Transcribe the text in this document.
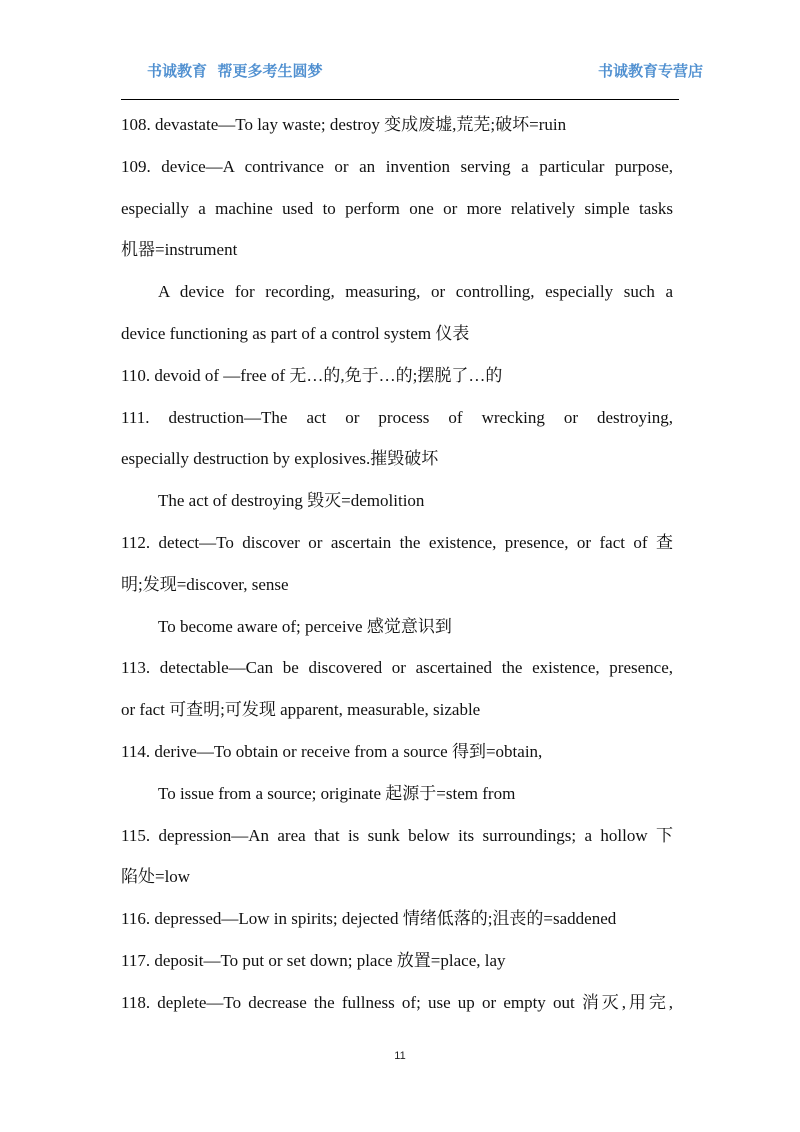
书诚教育  帮更多考生圆梦	书诚教育专营店
108. devastate—To lay waste; destroy 变成废墟,荒芜;破坏=ruin
109. device—A contrivance or an invention serving a particular purpose,
especially a machine used to perform one or more relatively simple tasks
机器=instrument
A device for recording, measuring, or controlling, especially such a
device functioning as part of a control system 仪表
110. devoid of —free of 无…的,免于…的;摆脱了…的
111. destruction—The act or process of wrecking or destroying,
especially destruction by explosives.摧毁破坏
The act of destroying 毁灭=demolition
112. detect—To discover or ascertain the existence, presence, or fact of 查
明;发现=discover, sense
To become aware of; perceive 感觉意识到
113. detectable—Can be discovered or ascertained the existence, presence,
or fact 可查明;可发现 apparent, measurable, sizable
114. derive—To obtain or receive from a source 得到=obtain,
To issue from a source; originate 起源于=stem from
115. depression—An area that is sunk below its surroundings; a hollow 下
陷处=low
116. depressed—Low in spirits; dejected 情绪低落的;沮丧的=saddened
117. deposit—To put or set down; place 放置=place, lay
118. deplete—To decrease the fullness of; use up or empty out 消灭,用完,
11
